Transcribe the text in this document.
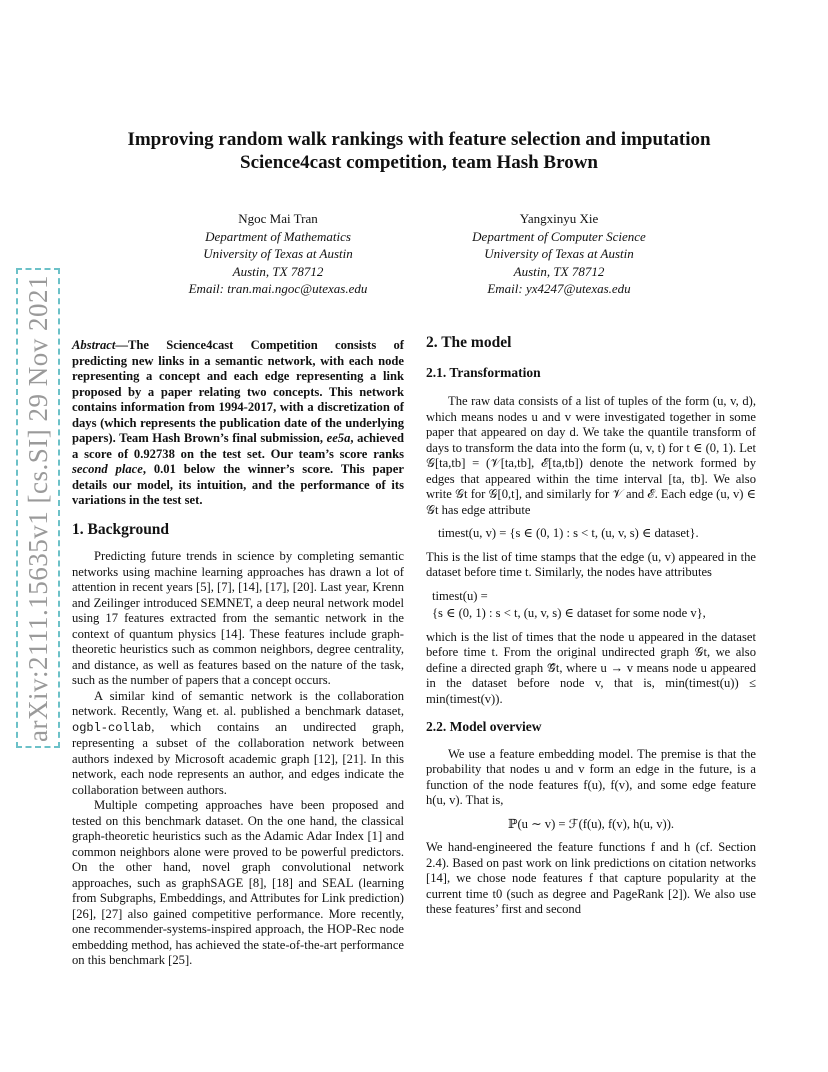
arXiv:2111.15635v1 [cs.SI] 29 Nov 2021
Improving random walk rankings with feature selection and imputation
Science4cast competition, team Hash Brown
Ngoc Mai Tran
Department of Mathematics
University of Texas at Austin
Austin, TX 78712
Email: tran.mai.ngoc@utexas.edu
Yangxinyu Xie
Department of Computer Science
University of Texas at Austin
Austin, TX 78712
Email: yx4247@utexas.edu

Abstract—The Science4cast Competition consists of predicting new links in a semantic network, with each node representing a concept and each edge representing a link proposed by a paper relating two concepts. This network contains information from 1994-2017, with a discretization of days (which represents the publication date of the underlying papers). Team Hash Brown’s final submission, ee5a, achieved a score of 0.92738 on the test set. Our team’s score ranks second place, 0.01 below the winner’s score. This paper details our model, its intuition, and the performance of its variations in the test set.

1. Background

Predicting future trends in science by completing semantic networks using machine learning approaches has drawn a lot of attention in recent years [5], [7], [14], [17], [20]. Last year, Krenn and Zeilinger introduced SEMNET, a deep neural network model using 17 features extracted from the semantic network in the context of quantum physics [14]. These features include graph-theoretic heuristics such as common neighbors, degree centrality, and distance, as well as features based on the nature of the task, such as the number of papers that a concept occurs.

A similar kind of semantic network is the collaboration network. Recently, Wang et. al. published a benchmark dataset, ogbl-collab, which contains an undirected graph, representing a subset of the collaboration network between authors indexed by Microsoft academic graph [12], [21]. In this network, each node represents an author, and edges indicate the collaboration between authors.

Multiple competing approaches have been proposed and tested on this benchmark dataset. On the one hand, the classical graph-theoretic heuristics such as the Adamic Adar Index [1] and common neighbors alone were proved to be powerful predictors. On the other hand, novel graph convolutional network approaches, such as graphSAGE [8], [18] and SEAL (learning from Subgraphs, Embeddings, and Attributes for Link prediction) [26], [27] also gained competitive performance. More recently, one recommender-systems-inspired approach, the HOP-Rec node embedding method, has achieved the state-of-the-art performance on this benchmark [25].

2. The model
2.1. Transformation

The raw data consists of a list of tuples of the form (u, v, d), which means nodes u and v were investigated together in some paper that appeared on day d. We take the quantile transform of days to transform the data into the form (u, v, t) for t ∈ (0, 1). Let 𝒢[ta,tb] = (𝒱[ta,tb], ℰ[ta,tb]) denote the network formed by edges that appeared within the time interval [ta, tb]. We also write 𝒢t for 𝒢[0,t], and similarly for 𝒱 and ℰ. Each edge (u, v) ∈ 𝒢t has edge attribute

timest(u, v) = {s ∈ (0, 1) : s < t, (u, v, s) ∈ dataset}.

This is the list of time stamps that the edge (u, v) appeared in the dataset before time t. Similarly, the nodes have attributes

timest(u) =

{s ∈ (0, 1) : s < t, (u, v, s) ∈ dataset for some node v},

which is the list of times that the node u appeared in the dataset before time t. From the original undirected graph 𝒢t, we also define a directed graph 𝒢⃗t, where u → v means node u appeared in the dataset before node v, that is, min(timest(u)) ≤ min(timest(v)).

2.2. Model overview

We use a feature embedding model. The premise is that the probability that nodes u and v form an edge in the future, is a function of the node features f(u), f(v), and some edge feature h(u, v). That is,

ℙ(u ∼ v) = ℱ(f(u), f(v), h(u, v)).

We hand-engineered the feature functions f and h (cf. Section 2.4). Based on past work on link predictions on citation networks [14], we chose node features f that capture popularity at the current time t0 (such as degree and PageRank [2]). We also use these features’ first and second
